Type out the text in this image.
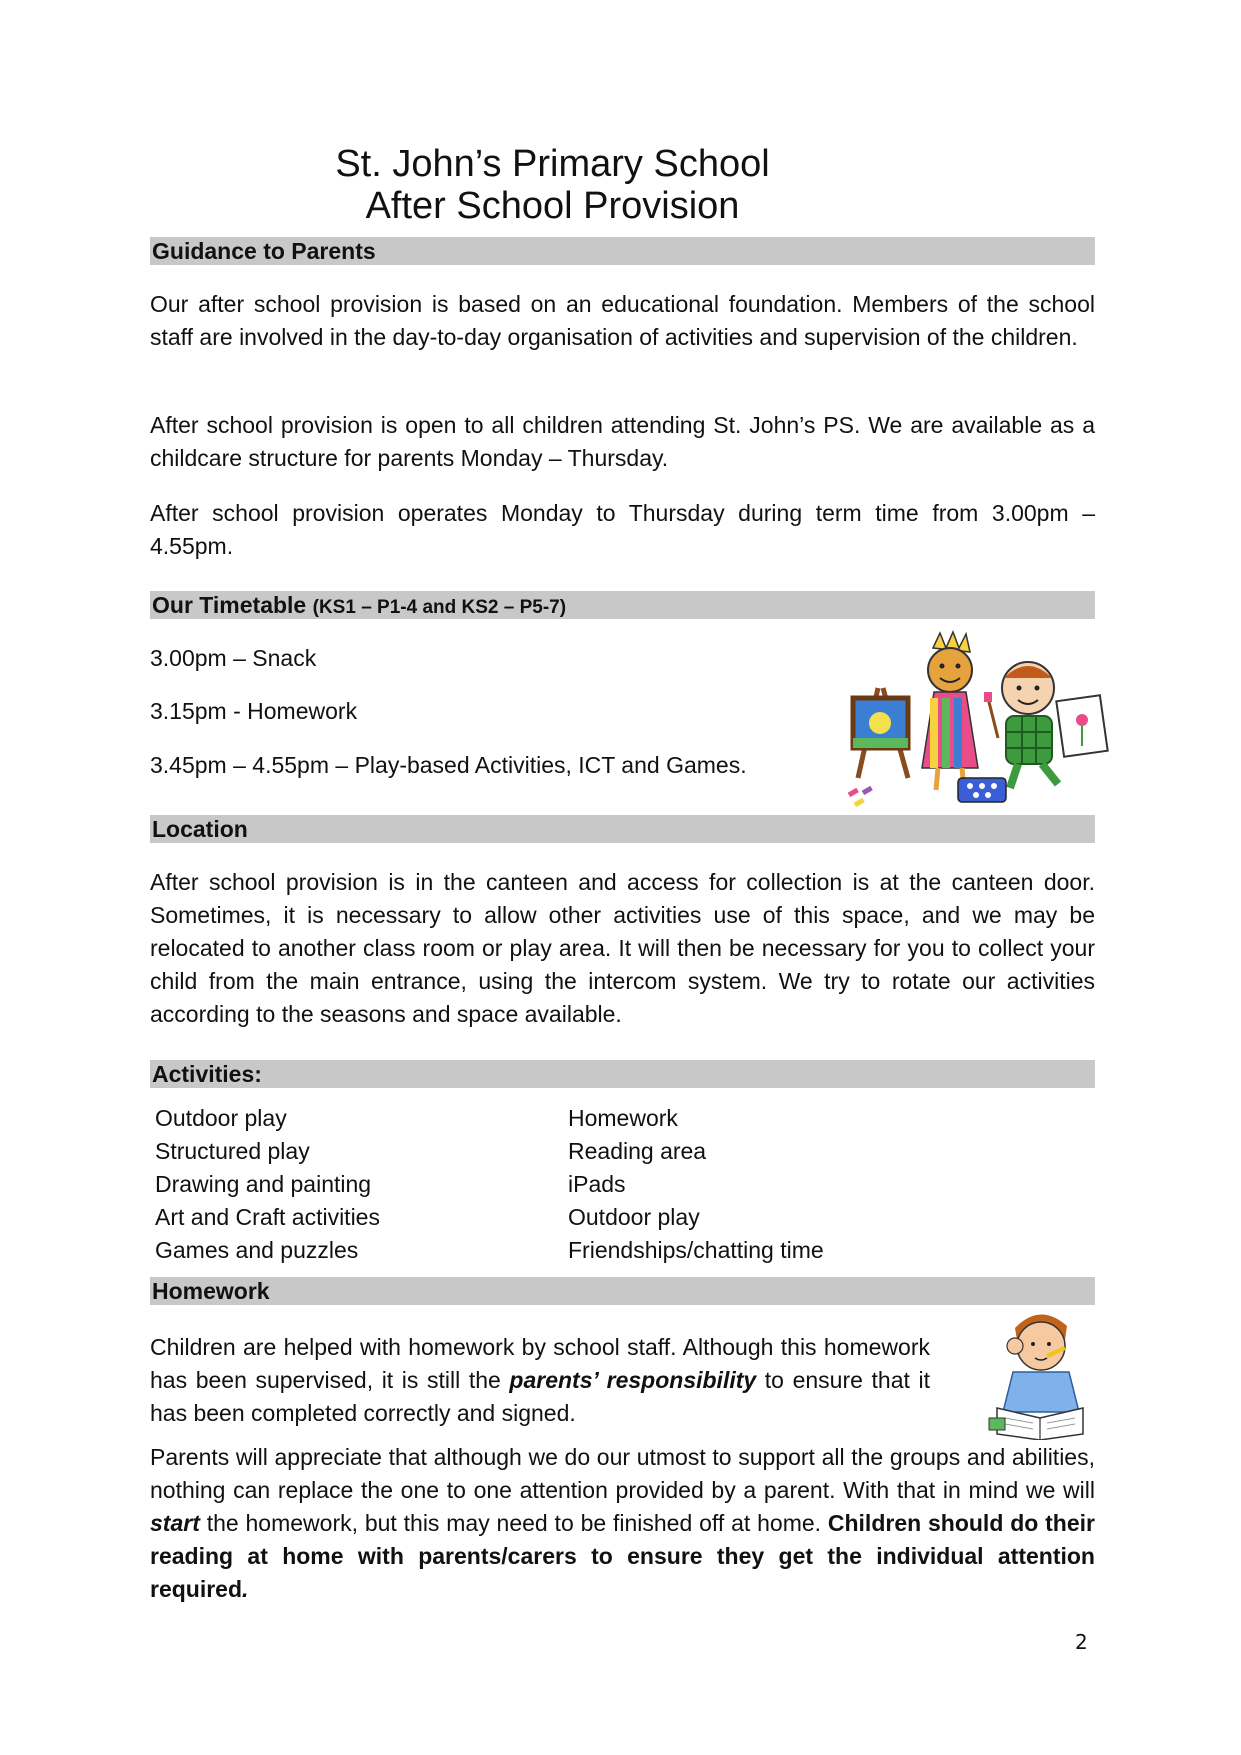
St. John’s Primary School
After School Provision
Guidance to Parents

Our after school provision is based on an educational foundation. Members of the school staff are involved in the day-to-day organisation of activities and supervision of the children.

After school provision is open to all children attending St. John’s PS. We are available as a childcare structure for parents Monday – Thursday.

After school provision operates Monday to Thursday during term time from 3.00pm – 4.55pm.

Our Timetable (KS1 – P1-4 and KS2 – P5-7)
3.00pm – Snack
3.15pm - Homework
3.45pm – 4.55pm – Play-based Activities, ICT and Games.
Location

After school provision is in the canteen and access for collection is at the canteen door. Sometimes, it is necessary to allow other activities use of this space, and we may be relocated to another class room or play area. It will then be necessary for you to collect your child from the main entrance, using the intercom system. We try to rotate our activities according to the seasons and space available.

Activities:
Outdoor play
Structured play
Drawing and painting
Art and Craft activities
Games and puzzles
Homework
Reading area
iPads
Outdoor play
Friendships/chatting time
Homework

Children are helped with homework by school staff. Although this homework has been supervised, it is still the parents’ responsibility to ensure that it has been completed correctly and signed.

Parents will appreciate that although we do our utmost to support all the groups and abilities, nothing can replace the one to one attention provided by a parent. With that in mind we will start the homework, but this may need to be finished off at home. Children should do their reading at home with parents/carers to ensure they get the individual attention required.

2
